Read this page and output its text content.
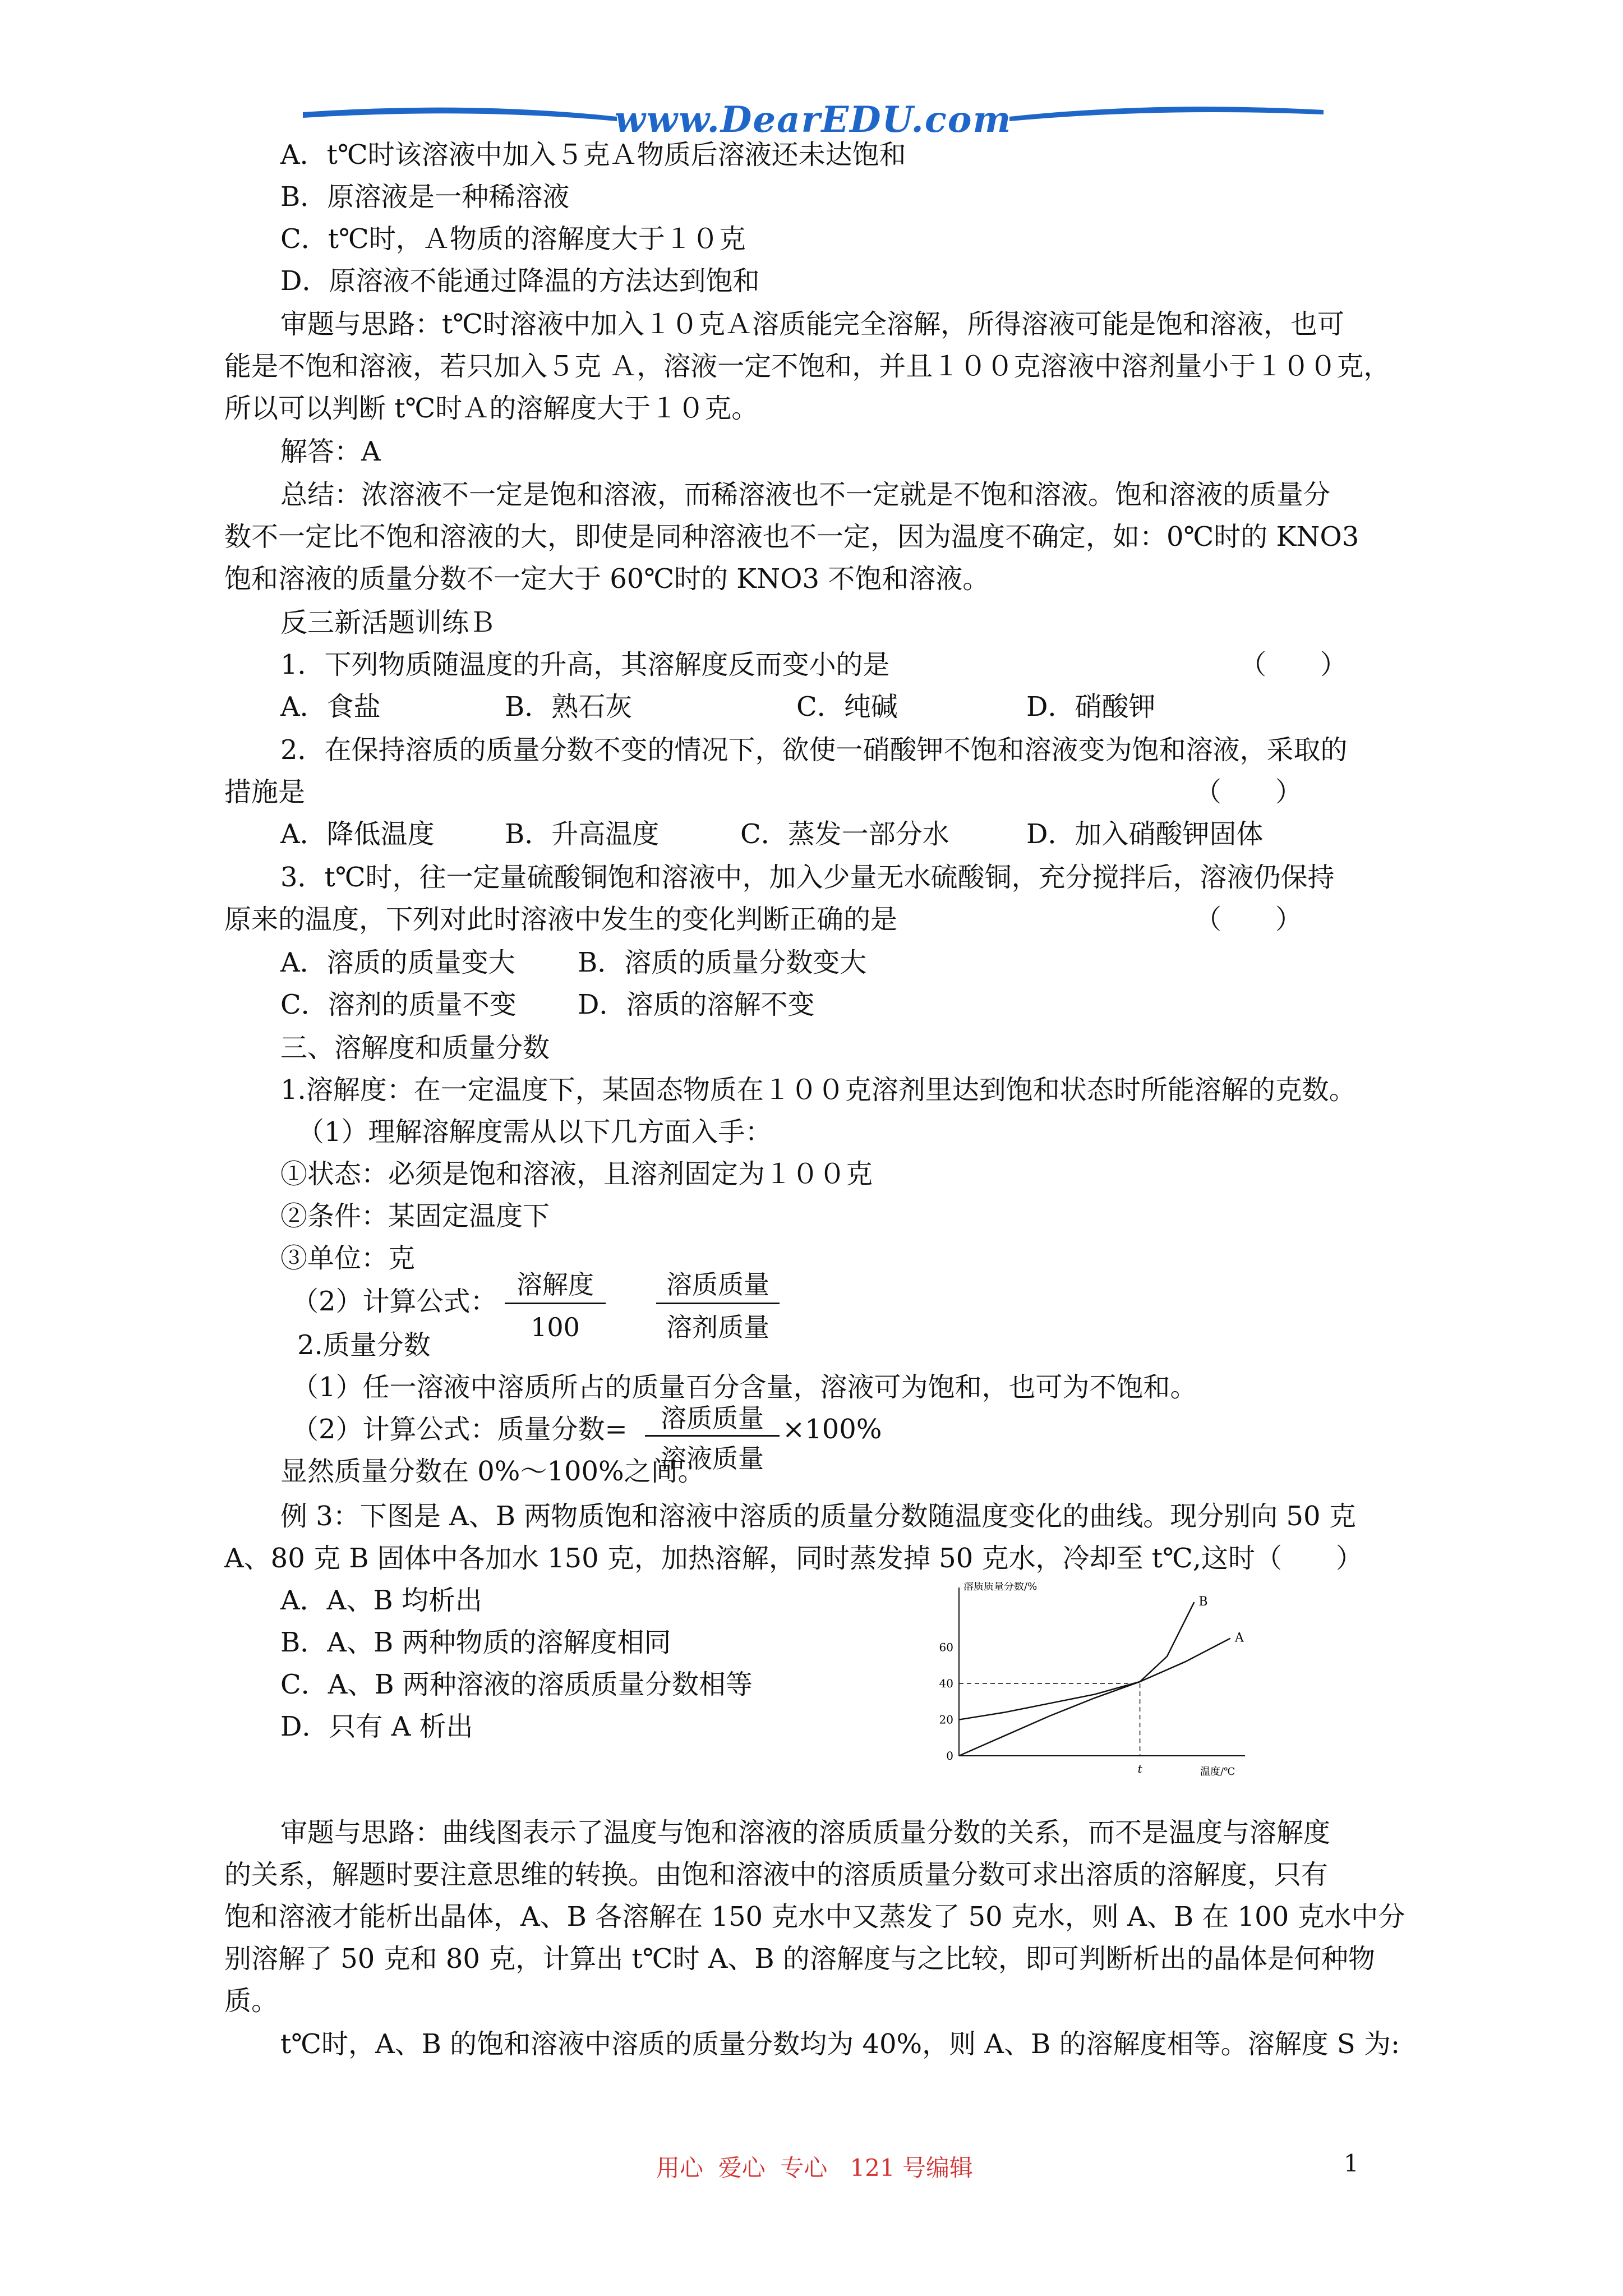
www.DearEDU.com
A．t℃时该溶液中加入５克Ａ物质后溶液还未达饱和
B．原溶液是一种稀溶液
C．t℃时，Ａ物质的溶解度大于１０克
D．原溶液不能通过降温的方法达到饱和
审题与思路：t℃时溶液中加入１０克Ａ溶质能完全溶解，所得溶液可能是饱和溶液，也可
能是不饱和溶液，若只加入５克 Ａ，溶液一定不饱和，并且１００克溶液中溶剂量小于１００克，
所以可以判断 t℃时Ａ的溶解度大于１０克。
解答：A
总结：浓溶液不一定是饱和溶液，而稀溶液也不一定就是不饱和溶液。饱和溶液的质量分
数不一定比不饱和溶液的大，即使是同种溶液也不一定，因为温度不确定，如：0℃时的 KNO3
饱和溶液的质量分数不一定大于 60℃时的 KNO3 不饱和溶液。
反三新活题训练Ｂ
1．下列物质随温度的升高，其溶解度反而变小的是	（　　）
A．食盐	B．熟石灰	C．纯碱	D．硝酸钾
2．在保持溶质的质量分数不变的情况下，欲使一硝酸钾不饱和溶液变为饱和溶液，采取的
措施是	（　　）
A．降低温度	B．升高温度	C．蒸发一部分水	D．加入硝酸钾固体
3．t℃时，往一定量硫酸铜饱和溶液中，加入少量无水硫酸铜，充分搅拌后，溶液仍保持
原来的温度，下列对此时溶液中发生的变化判断正确的是	（　　）
A．溶质的质量变大 B．溶质的质量分数变大
C．溶剂的质量不变 D．溶质的溶解不变
三、溶解度和质量分数
1.溶解度：在一定温度下，某固态物质在１００克溶剂里达到饱和状态时所能溶解的克数。
（1）理解溶解度需从以下几方面入手：
①状态：必须是饱和溶液，且溶剂固定为１００克
②条件：某固定温度下
③单位：克
（2）计算公式：
溶解度
100
溶质质量
溶剂质量
2.质量分数
（1）任一溶液中溶质所占的质量百分含量，溶液可为饱和，也可为不饱和。
（2）计算公式：质量分数=	溶质质量
溶液质量
×100%
显然质量分数在 0%～100%之间。
例 3：下图是 A、B 两物质饱和溶液中溶质的质量分数随温度变化的曲线。现分别向 50 克
A、80 克 B 固体中各加水 150 克，加热溶解，同时蒸发掉 50 克水，冷却至 t℃,这时（　　）
A．A、B 均析出
B．A、B 两种物质的溶解度相同
C．A、B 两种溶液的溶质质量分数相等
D．只有 A 析出
0
20
40
60
溶质质量分数/%
温度/℃
t
A
B
审题与思路：曲线图表示了温度与饱和溶液的溶质质量分数的关系，而不是温度与溶解度
的关系，解题时要注意思维的转换。由饱和溶液中的溶质质量分数可求出溶质的溶解度，只有
饱和溶液才能析出晶体，A、B 各溶解在 150 克水中又蒸发了 50 克水，则 A、B 在 100 克水中分
别溶解了 50 克和 80 克，计算出 t℃时 A、B 的溶解度与之比较，即可判断析出的晶体是何种物
质。
t℃时，A、B 的饱和溶液中溶质的质量分数均为 40%，则 A、B 的溶解度相等。溶解度 S 为:
用心  爱心  专心   121 号编辑	1
